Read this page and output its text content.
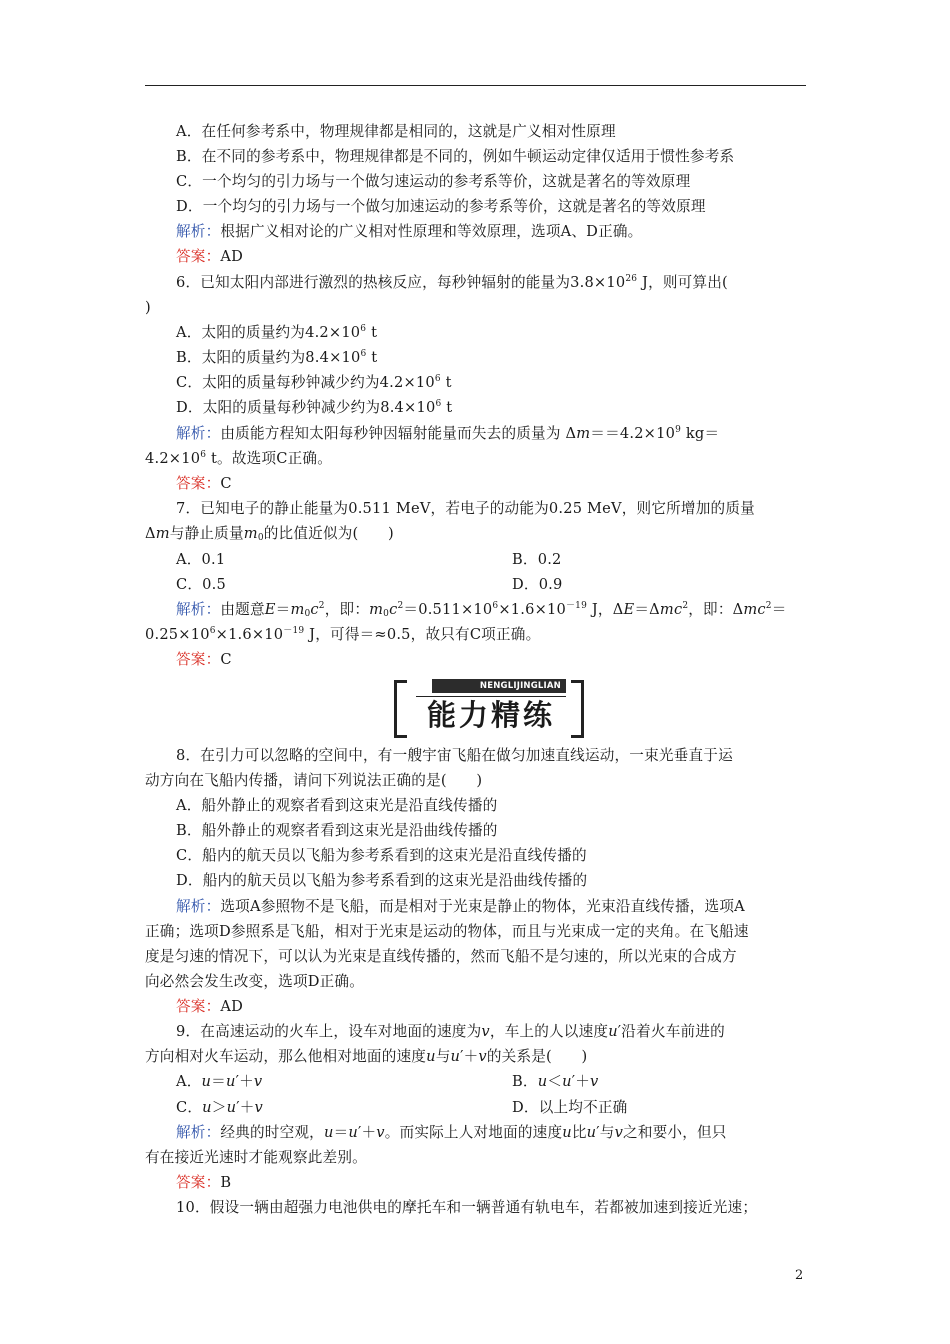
A．在任何参考系中，物理规律都是相同的，这就是广义相对性原理
B．在不同的参考系中，物理规律都是不同的，例如牛顿运动定律仅适用于惯性参考系
C．一个均匀的引力场与一个做匀速运动的参考系等价，这就是著名的等效原理
D．一个均匀的引力场与一个做匀加速运动的参考系等价，这就是著名的等效原理
解析：根据广义相对论的广义相对性原理和等效原理，选项A、D正确。
答案：AD
6．已知太阳内部进行激烈的热核反应，每秒钟辐射的能量为$3.8\times 10^{26}$ J，则可算出(
)
A．太阳的质量约为$4.2\times 10^6$ t
B．太阳的质量约为$8.4\times 10^6$ t
C．太阳的质量每秒钟减少约为$4.2\times 10^6$ t
D．太阳的质量每秒钟减少约为$8.4\times 10^6$ t
解析：由质能方程知太阳每秒钟因辐射能量而失去的质量为 $\Delta m==4.2\times 10^9$ kg＝
$4.2\times 10^6$ t。故选项C正确。
答案：C
7．已知电子的静止能量为0.511 MeV，若电子的动能为0.25 MeV，则它所增加的质量
Δm与静止质量$m_0$的比值近似为(　　)
A．0.1	B．0.2
C．0.5	D．0.9
解析：由题意$E=m_0c^2$，即：$m_0c^2=0.511\times 10^6\times 1.6\times 10^{-19}$ J，ΔE＝Δmc$^2$，即：Δmc$^2$＝
$0.25\times 10^6\times 1.6\times 10^{-19}$ J，可得＝≈0.5，故只有C项正确。
答案：C
NENGLIJINGLIAN
能力精练
8．在引力可以忽略的空间中，有一艘宇宙飞船在做匀加速直线运动，一束光垂直于运
动方向在飞船内传播，请问下列说法正确的是(　　)
A．船外静止的观察者看到这束光是沿直线传播的
B．船外静止的观察者看到这束光是沿曲线传播的
C．船内的航天员以飞船为参考系看到的这束光是沿直线传播的
D．船内的航天员以飞船为参考系看到的这束光是沿曲线传播的
解析：选项A参照物不是飞船，而是相对于光束是静止的物体，光束沿直线传播，选项A
正确；选项D参照系是飞船，相对于光束是运动的物体，而且与光束成一定的夹角。在飞船速
度是匀速的情况下，可以认为光束是直线传播的，然而飞船不是匀速的，所以光束的合成方
向必然会发生改变，选项D正确。
答案：AD
9．在高速运动的火车上，设车对地面的速度为v，车上的人以速度u′沿着火车前进的
方向相对火车运动，那么他相对地面的速度u与u′＋v的关系是(　　)
A．u＝u′＋v	B．u＜u′＋v
C．u＞u′＋v	D．以上均不正确
解析：经典的时空观，u＝u′＋v。而实际上人对地面的速度u比u′与v之和要小，但只
有在接近光速时才能观察此差别。
答案：B
10．假设一辆由超强力电池供电的摩托车和一辆普通有轨电车，若都被加速到接近光速；
2
